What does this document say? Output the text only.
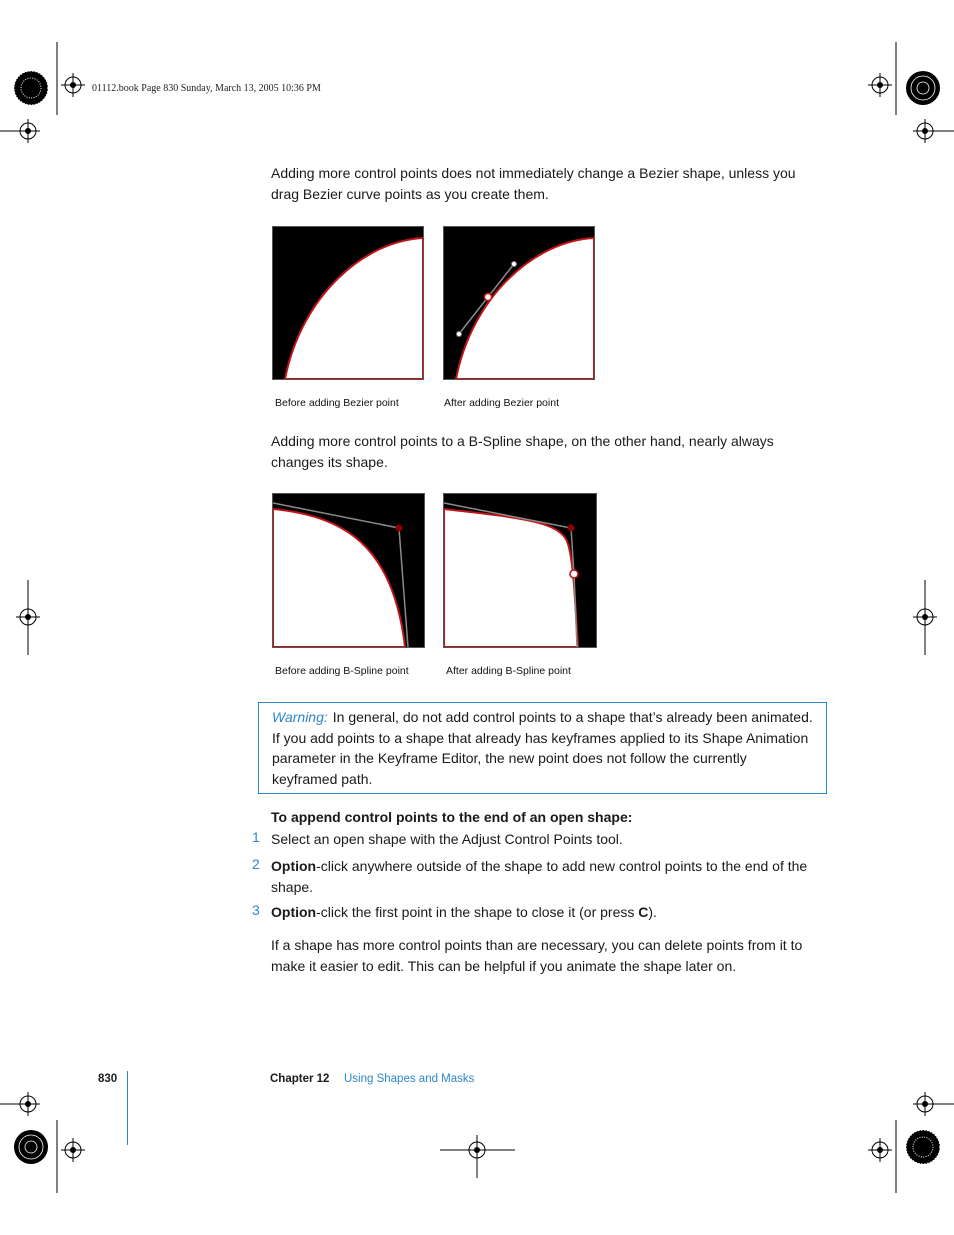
01112.book Page 830 Sunday, March 13, 2005 10:36 PM
Adding more control points does not immediately change a Bezier shape, unless you drag Bezier curve points as you create them.
Before adding Bezier point	After adding Bezier point
Adding more control points to a B-Spline shape, on the other hand, nearly always changes its shape.
Before adding B-Spline point	After adding B-Spline point
Warning: In general, do not add control points to a shape that’s already been animated. If you add points to a shape that already has keyframes applied to its Shape Animation parameter in the Keyframe Editor, the new point does not follow the currently keyframed path.
To append control points to the end of an open shape:
1 Select an open shape with the Adjust Control Points tool.
2 Option-click anywhere outside of the shape to add new control points to the end of the shape.
3 Option-click the first point in the shape to close it (or press C).
If a shape has more control points than are necessary, you can delete points from it to make it easier to edit. This can be helpful if you animate the shape later on.
830	Chapter 12 Using Shapes and Masks
